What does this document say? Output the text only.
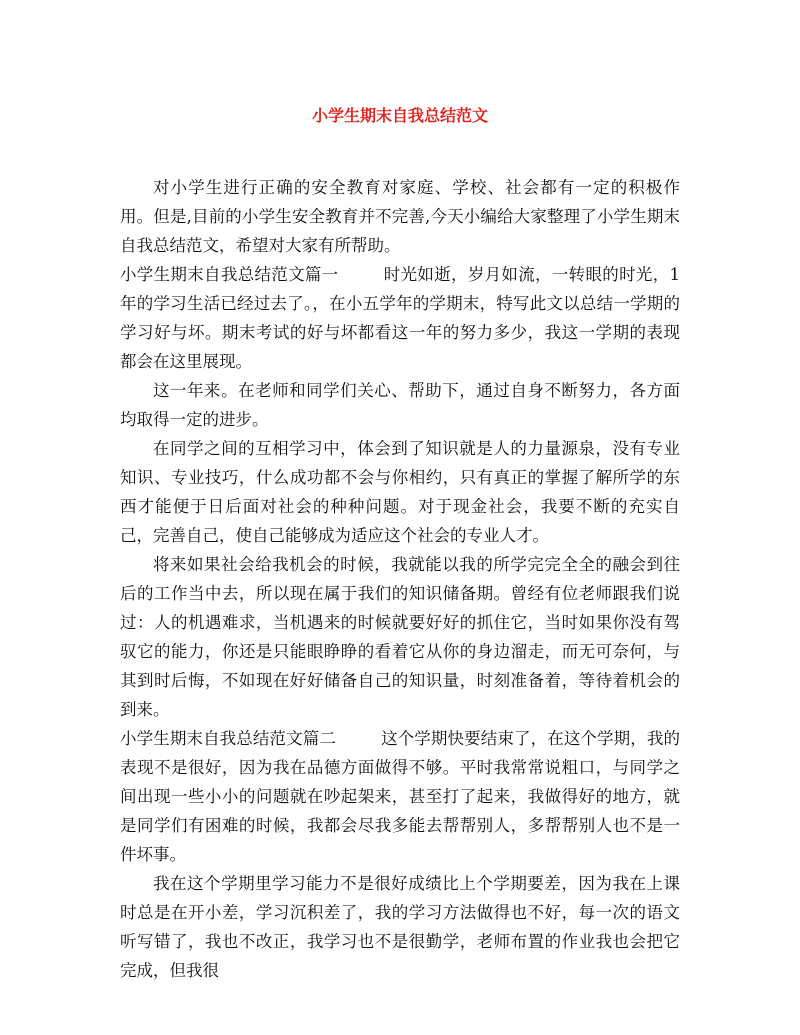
小学生期末自我总结范文

对小学生进行正确的安全教育对家庭、学校、社会都有一定的积极作用。但是,目前的小学生安全教育并不完善,今天小编给大家整理了小学生期末自我总结范文，希望对大家有所帮助。

小学生期末自我总结范文篇一	时光如逝，岁月如流，一转眼的时光，1年的学习生活已经过去了。，在小五学年的学期末，特写此文以总结一学期的学习好与坏。期末考试的好与坏都看这一年的努力多少，我这一学期的表现都会在这里展现。

这一年来。在老师和同学们关心、帮助下，通过自身不断努力，各方面均取得一定的进步。

在同学之间的互相学习中，体会到了知识就是人的力量源泉，没有专业知识、专业技巧，什么成功都不会与你相约，只有真正的掌握了解所学的东西才能便于日后面对社会的种种问题。对于现金社会，我要不断的充实自己，完善自己，使自己能够成为适应这个社会的专业人才。

将来如果社会给我机会的时候，我就能以我的所学完完全全的融会到往后的工作当中去，所以现在属于我们的知识储备期。曾经有位老师跟我们说过：人的机遇难求，当机遇来的时候就要好好的抓住它，当时如果你没有驾驭它的能力，你还是只能眼睁睁的看着它从你的身边溜走，而无可奈何，与其到时后悔，不如现在好好储备自己的知识量，时刻准备着，等待着机会的到来。

小学生期末自我总结范文篇二	这个学期快要结束了，在这个学期，我的表现不是很好，因为我在品德方面做得不够。平时我常常说粗口，与同学之间出现一些小小的问题就在吵起架来，甚至打了起来，我做得好的地方，就是同学们有困难的时候，我都会尽我多能去帮帮别人，多帮帮别人也不是一件坏事。

我在这个学期里学习能力不是很好成绩比上个学期要差，因为我在上课时总是在开小差，学习沉积差了，我的学习方法做得也不好，每一次的语文听写错了，我也不改正，我学习也不是很勤学，老师布置的作业我也会把它完成，但我很
